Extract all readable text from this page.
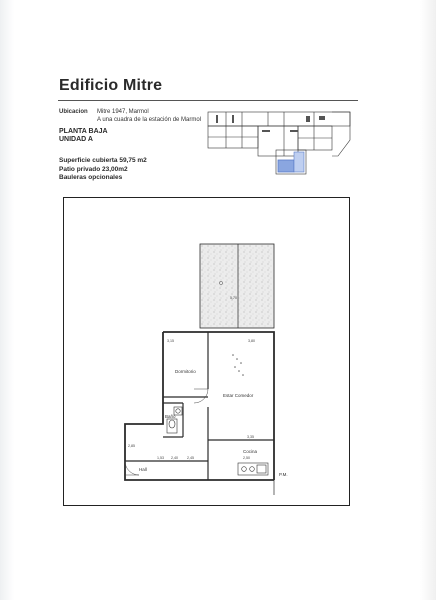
Edificio Mitre
Ubicacion Mitre 1947, Marmol
A una cuadra de la estación de Marmol
PLANTA BAJA
UNIDAD A
Superficie cubierta 59,75 m2
Patio privado 23,00m2
Bauleras opcionales
Dormitorio
Baño
Estar Comedor
Cocina
Hall
P.M.
3,15	3,80
5,70
1,53 2,40	2,45	2,50
3,35
2,85
